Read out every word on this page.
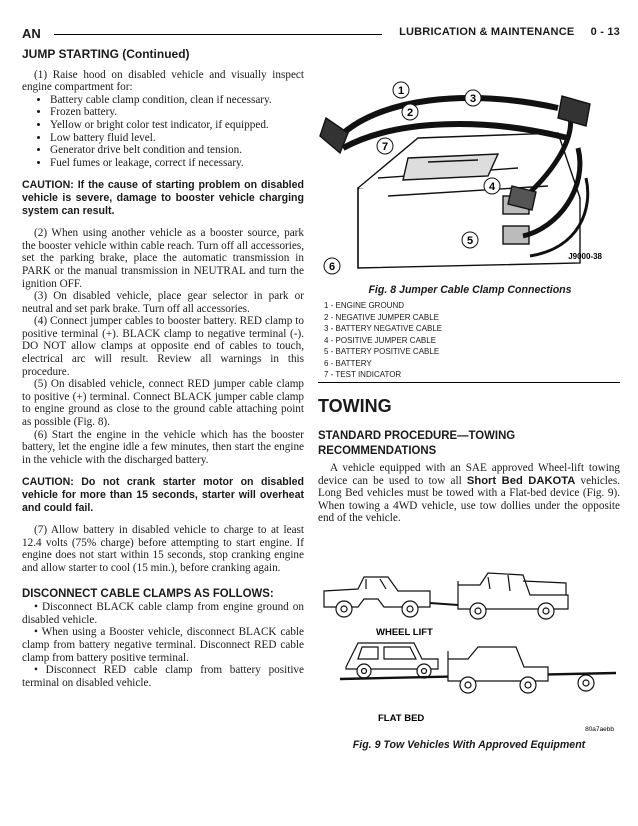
AN	LUBRICATION & MAINTENANCE     0 - 13
JUMP STARTING (Continued)

(1) Raise hood on disabled vehicle and visually inspect engine compartment for:

• Battery cable clamp condition, clean if necessary.
• Frozen battery.
• Yellow or bright color test indicator, if equipped.
• Low battery fluid level.
• Generator drive belt condition and tension.
• Fuel fumes or leakage, correct if necessary.

CAUTION: If the cause of starting problem on disabled vehicle is severe, damage to booster vehicle charging system can result.

(2) When using another vehicle as a booster source, park the booster vehicle within cable reach. Turn off all accessories, set the parking brake, place the automatic transmission in PARK or the manual transmission in NEUTRAL and turn the ignition OFF.

(3) On disabled vehicle, place gear selector in park or neutral and set park brake. Turn off all accessories.

(4) Connect jumper cables to booster battery. RED clamp to positive terminal (+). BLACK clamp to negative terminal (-). DO NOT allow clamps at opposite end of cables to touch, electrical arc will result. Review all warnings in this procedure.

(5) On disabled vehicle, connect RED jumper cable clamp to positive (+) terminal. Connect BLACK jumper cable clamp to engine ground as close to the ground cable attaching point as possible (Fig. 8).

(6) Start the engine in the vehicle which has the booster battery, let the engine idle a few minutes, then start the engine in the vehicle with the discharged battery.

CAUTION: Do not crank starter motor on disabled vehicle for more than 15 seconds, starter will overheat and could fail.

(7) Allow battery in disabled vehicle to charge to at least 12.4 volts (75% charge) before attempting to start engine. If engine does not start within 15 seconds, stop cranking engine and allow starter to cool (15 min.), before cranking again.

DISCONNECT CABLE CLAMPS AS FOLLOWS:

• Disconnect BLACK cable clamp from engine ground on disabled vehicle.

• When using a Booster vehicle, disconnect BLACK cable clamp from battery negative terminal. Disconnect RED cable clamp from battery positive terminal.

• Disconnect RED cable clamp from battery positive terminal on disabled vehicle.

1
2
3
4
5
6
7
J9000-38
Fig. 8 Jumper Cable Clamp Connections
1 - ENGINE GROUND
2 - NEGATIVE JUMPER CABLE
3 - BATTERY NEGATIVE CABLE
4 - POSITIVE JUMPER CABLE
5 - BATTERY POSITIVE CABLE
6 - BATTERY
7 - TEST INDICATOR
TOWING
STANDARD PROCEDURE—TOWING RECOMMENDATIONS

A vehicle equipped with an SAE approved Wheel-lift towing device can be used to tow all Short Bed DAKOTA vehicles. Long Bed vehicles must be towed with a Flat-bed device (Fig. 9). When towing a 4WD vehicle, use tow dollies under the opposite end of the vehicle.

WHEEL LIFT
FLAT BED
80a7aebb
Fig. 9 Tow Vehicles With Approved Equipment
